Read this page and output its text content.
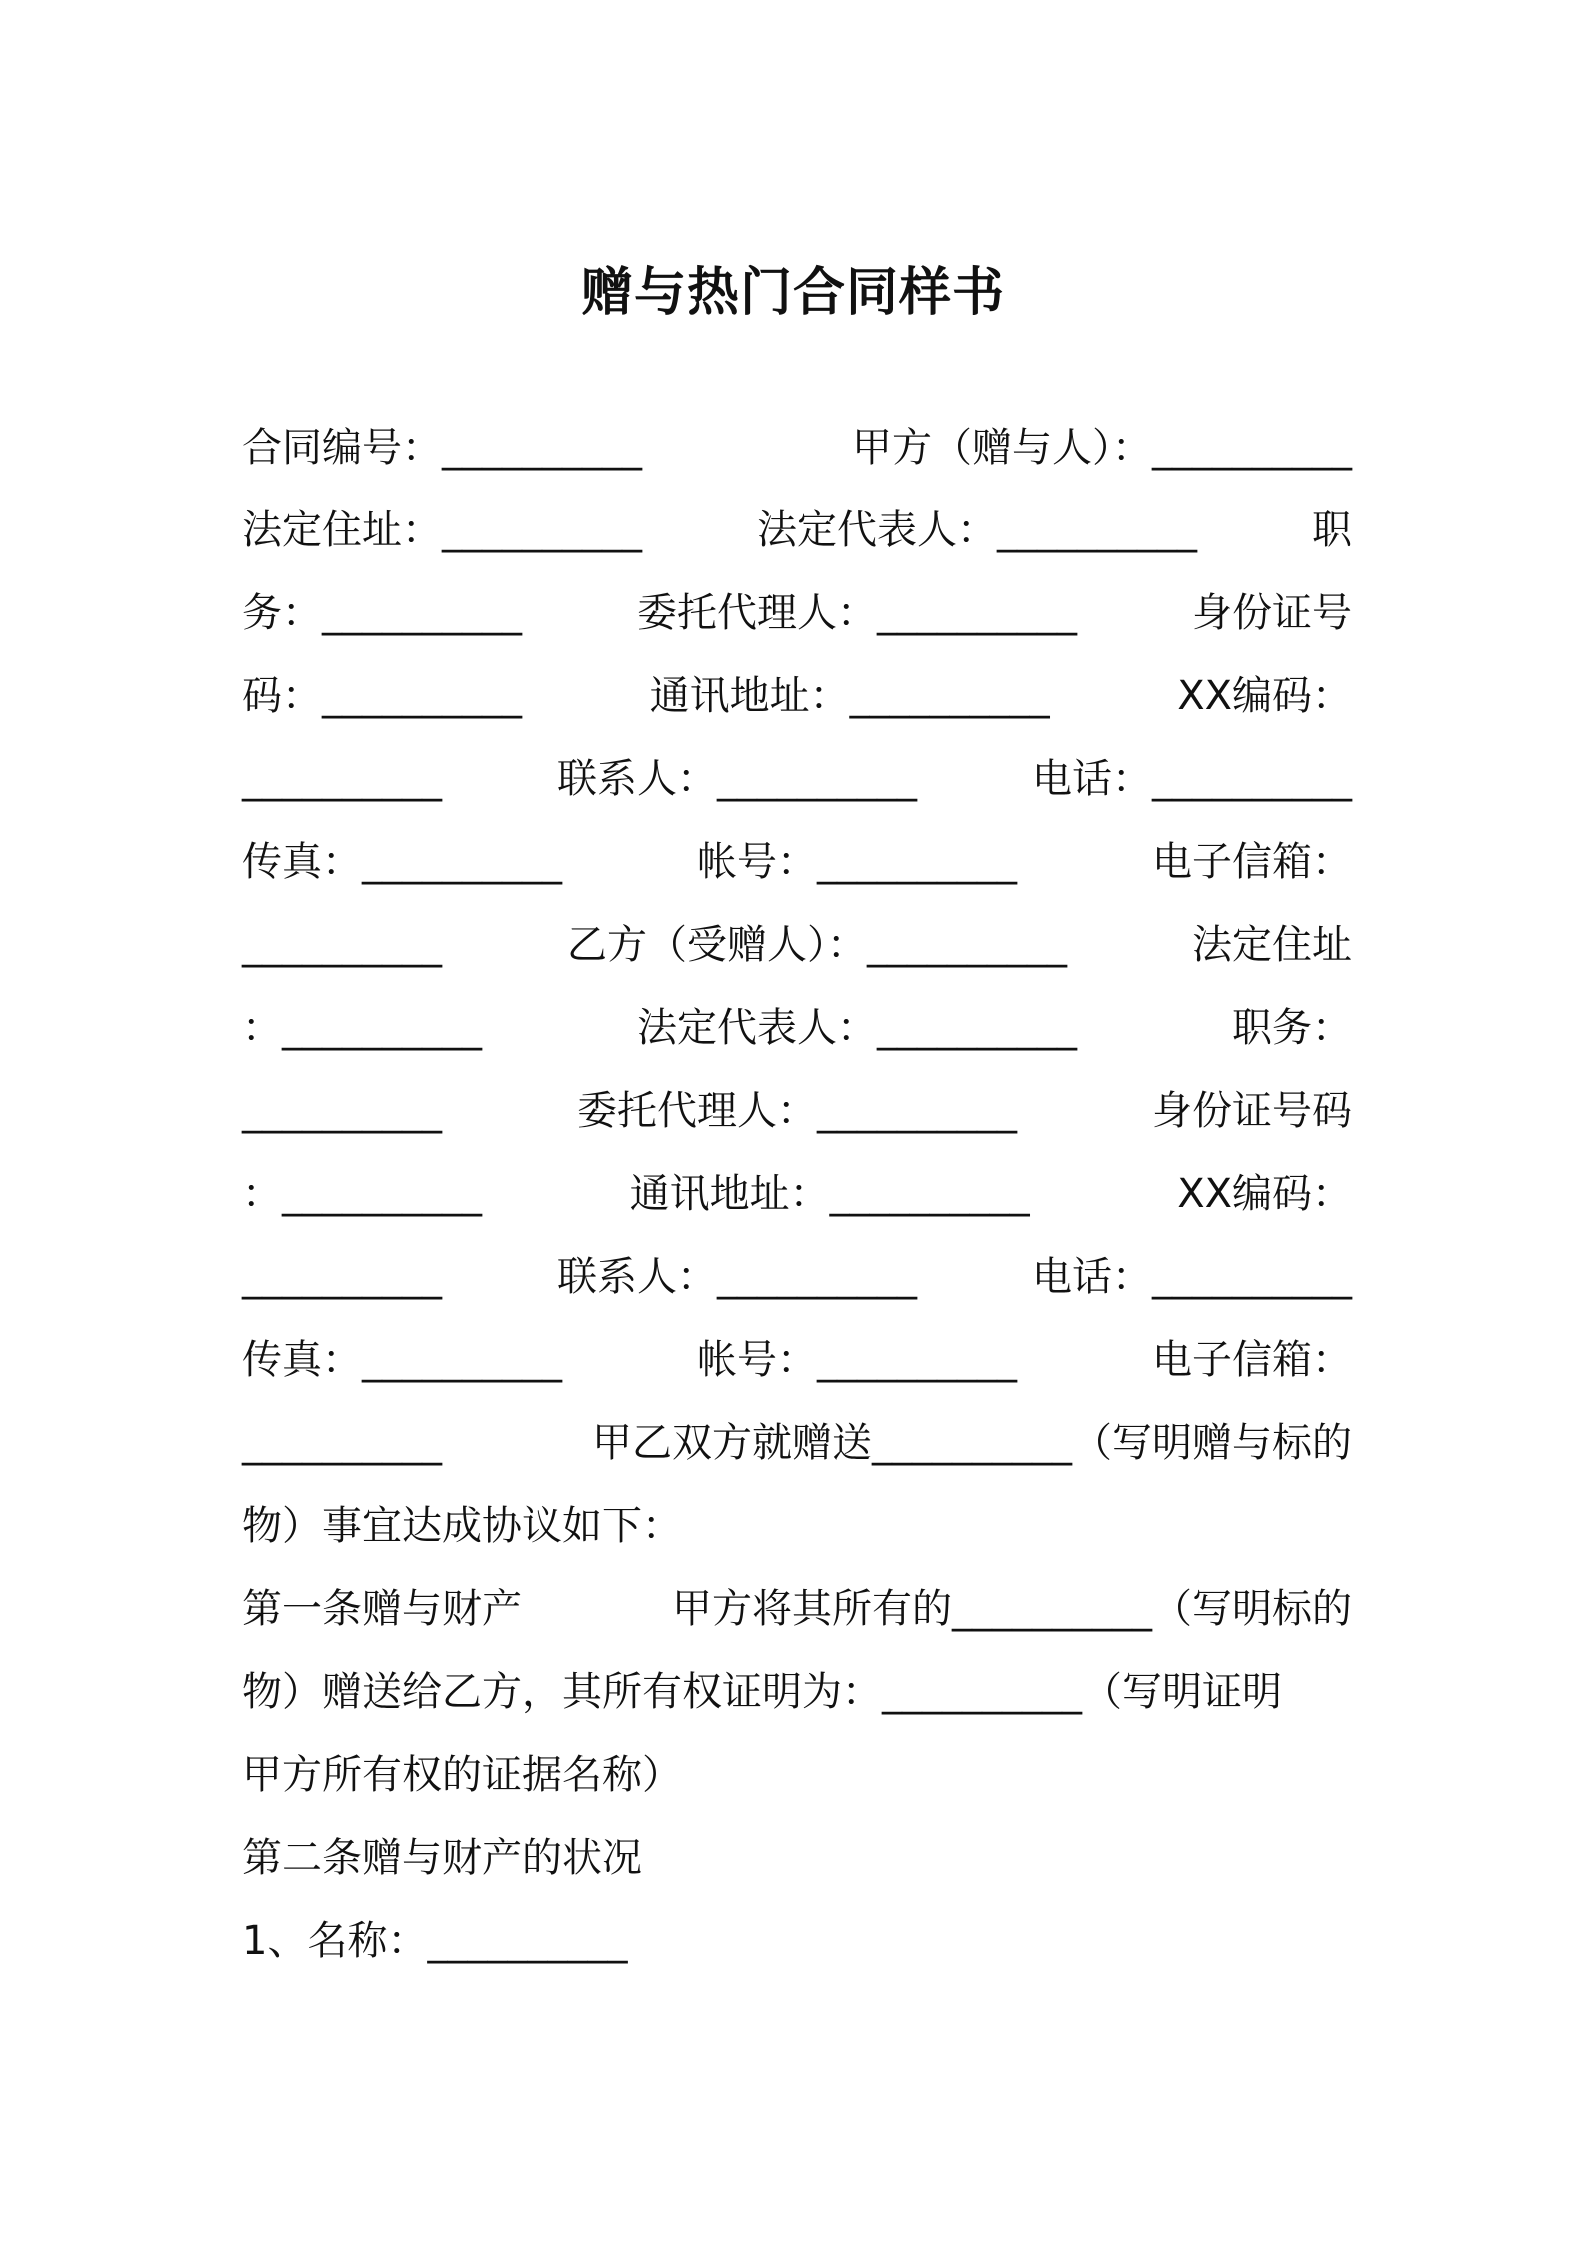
赠与热门合同样书
合同编号：__________	甲方（赠与人）：__________
法定住址：__________	法定代表人：__________	职
务：__________	委托代理人：__________	身份证号
码：__________	通讯地址：__________	XX编码：
__________	联系人：__________	电话：__________
传真：__________	帐号：__________	电子信箱：
__________	乙方（受赠人）：__________	法定住址
：__________	法定代表人：__________	职务：
__________	委托代理人：__________	身份证号码
：__________	通讯地址：__________	XX编码：
__________	联系人：__________	电话：__________
传真：__________	帐号：__________	电子信箱：
__________	甲乙双方就赠送__________（写明赠与标的
物）事宜达成协议如下：
第一条赠与财产	甲方将其所有的__________（写明标的
物）赠送给乙方，其所有权证明为：__________（写明证明
甲方所有权的证据名称）
第二条赠与财产的状况
1、名称：__________
